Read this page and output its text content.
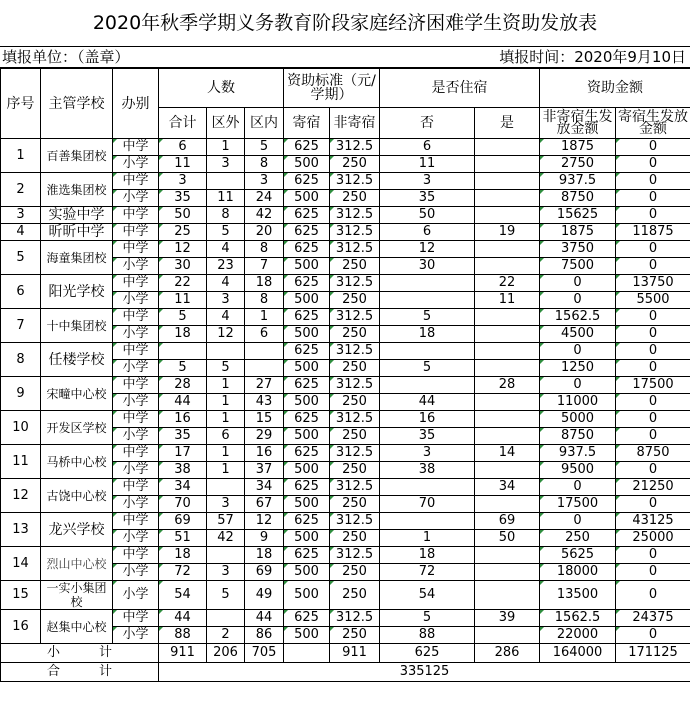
2020年秋季学期义务教育阶段家庭经济困难学生资助发放表
填报单位：（盖章）	填报时间：2020年9月10日
序号	主管学校	办别	人数			资助标准（元/学期）		是否住宿		资助金额	
			合计	区外	区内	寄宿	非寄宿	否	是	非寄宿生发放金额	寄宿生发放金额
1	百善集团校	中学	6	1	5	625	312.5	6		1875	0
		小学	11	3	8	500	250	11		2750	0
2	淮选集团校	中学	3		3	625	312.5	3		937.5	0
		小学	35	11	24	500	250	35		8750	0
3	实验中学	中学	50	8	42	625	312.5	50		15625	0
4	昕昕中学	中学	25	5	20	625	312.5	6	19	1875	11875
5	海童集团校	中学	12	4	8	625	312.5	12		3750	0
		小学	30	23	7	500	250	30		7500	0
6	阳光学校	中学	22	4	18	625	312.5		22	0	13750
		小学	11	3	8	500	250		11	0	5500
7	十中集团校	中学	5	4	1	625	312.5	5		1562.5	0
		小学	18	12	6	500	250	18		4500	0
8	任楼学校	中学				625	312.5			0	0
		小学	5	5		500	250	5		1250	0
9	宋疃中心校	中学	28	1	27	625	312.5		28	0	17500
		小学	44	1	43	500	250	44		11000	0
10	开发区学校	中学	16	1	15	625	312.5	16		5000	0
		小学	35	6	29	500	250	35		8750	0
11	马桥中心校	中学	17	1	16	625	312.5	3	14	937.5	8750
		小学	38	1	37	500	250	38		9500	0
12	古饶中心校	中学	34		34	625	312.5		34	0	21250
		小学	70	3	67	500	250	70		17500	0
13	龙兴学校	中学	69	57	12	625	312.5		69	0	43125
		小学	51	42	9	500	250	1	50	250	25000
14	烈山中心校	中学	18		18	625	312.5	18		5625	0
		小学	72	3	69	500	250	72		18000	0
15	一实小集团校	小学	54	5	49	500	250	54		13500	0
16	赵集中心校	中学	44		44	625	312.5	5	39	1562.5	24375
		小学	88	2	86	500	250	88		22000	0
小　　　计			911	206	705		911	625	286	164000	171125
合　　　计			335125								
